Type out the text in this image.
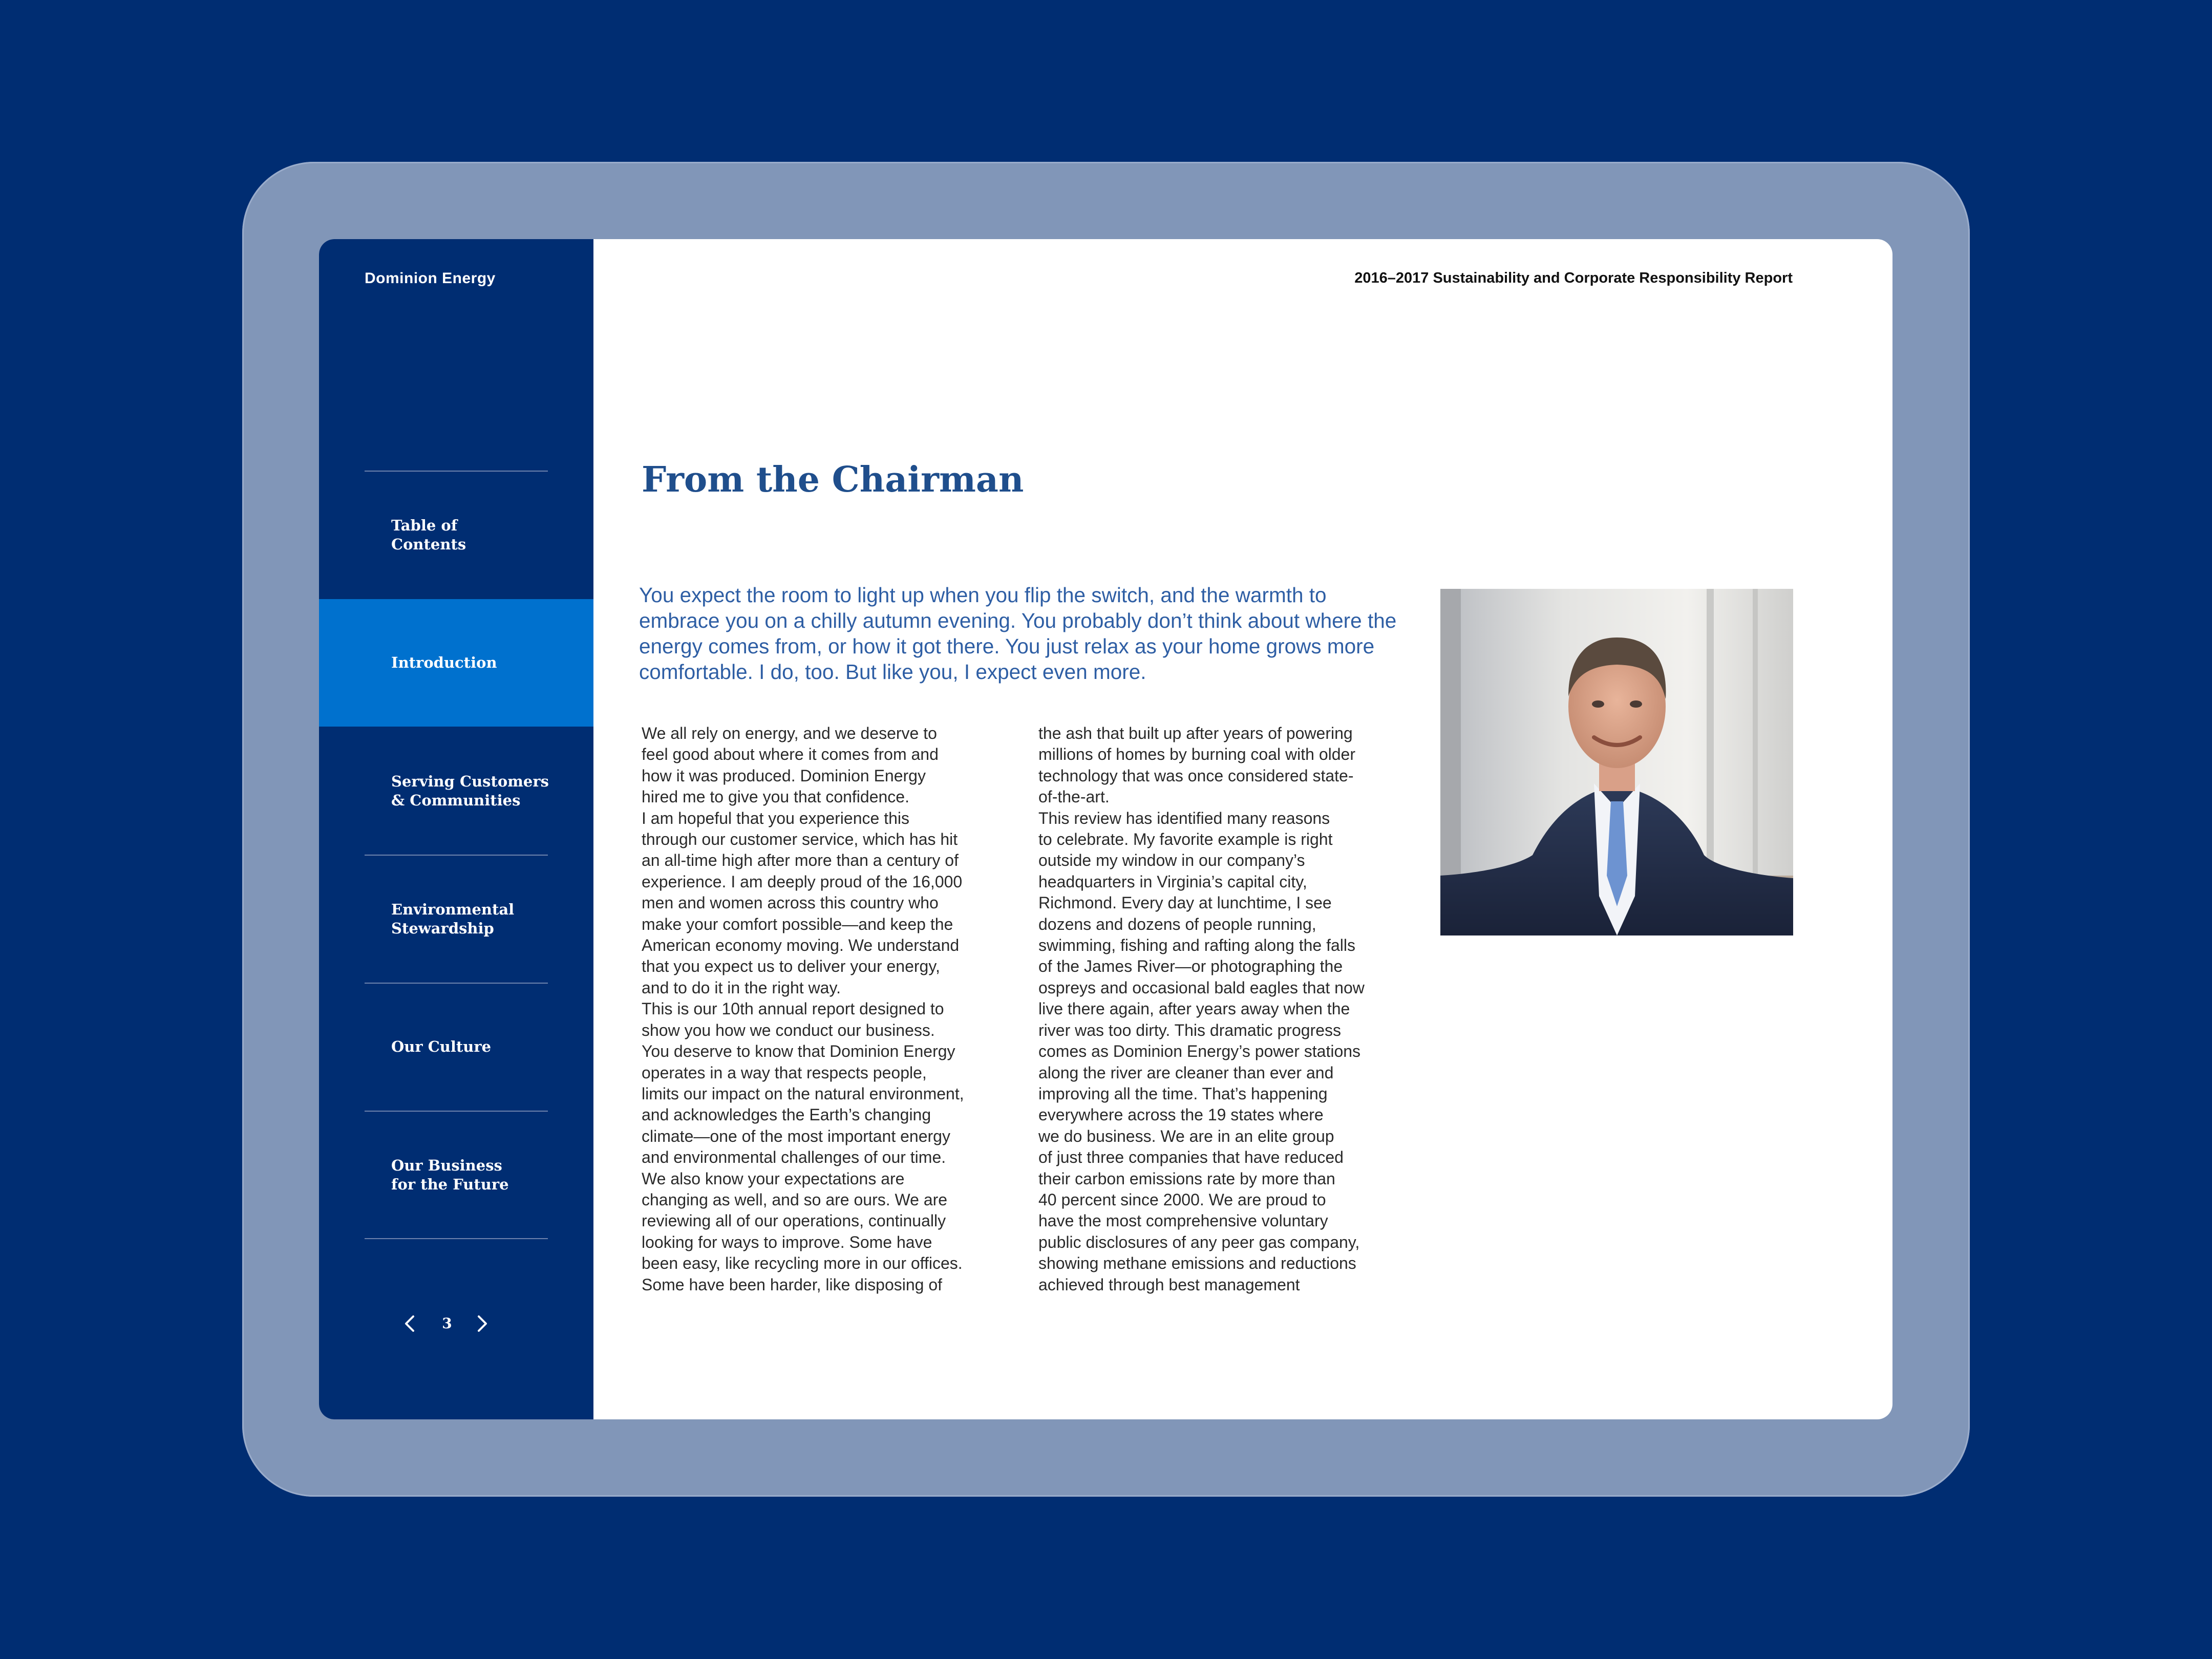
Dominion Energy
Table of
Contents
Introduction
Serving Customers
& Communities
Environmental
Stewardship
Our Culture
Our Business
for the Future
3
2016–2017 Sustainability and Corporate Responsibility Report
From the Chairman

You expect the room to light up when you flip the switch, and the warmth to embrace you on a chilly autumn evening. You probably don’t think about where the energy comes from, or how it got there. You just relax as your home grows more comfortable. I do, too. But like you, I expect even more.

We all rely on energy, and we deserve to
feel good about where it comes from and
how it was produced. Dominion Energy
hired me to give you that confidence.
I am hopeful that you experience this
through our customer service, which has hit
an all-time high after more than a century of
experience. I am deeply proud of the 16,000
men and women across this country who
make your comfort possible—and keep the
American economy moving. We understand
that you expect us to deliver your energy,
and to do it in the right way.
This is our 10th annual report designed to
show you how we conduct our business.
You deserve to know that Dominion Energy
operates in a way that respects people,
limits our impact on the natural environment,
and acknowledges the Earth’s changing
climate—one of the most important energy
and environmental challenges of our time.
We also know your expectations are
changing as well, and so are ours. We are
reviewing all of our operations, continually
looking for ways to improve. Some have
been easy, like recycling more in our offices.
Some have been harder, like disposing of
the ash that built up after years of powering
millions of homes by burning coal with older
technology that was once considered state-
of-the-art.
This review has identified many reasons
to celebrate. My favorite example is right
outside my window in our company’s
headquarters in Virginia’s capital city,
Richmond. Every day at lunchtime, I see
dozens and dozens of people running,
swimming, fishing and rafting along the falls
of the James River—or photographing the
ospreys and occasional bald eagles that now
live there again, after years away when the
river was too dirty. This dramatic progress
comes as Dominion Energy’s power stations
along the river are cleaner than ever and
improving all the time. That’s happening
everywhere across the 19 states where
we do business. We are in an elite group
of just three companies that have reduced
their carbon emissions rate by more than
40 percent since 2000. We are proud to
have the most comprehensive voluntary
public disclosures of any peer gas company,
showing methane emissions and reductions
achieved through best management
